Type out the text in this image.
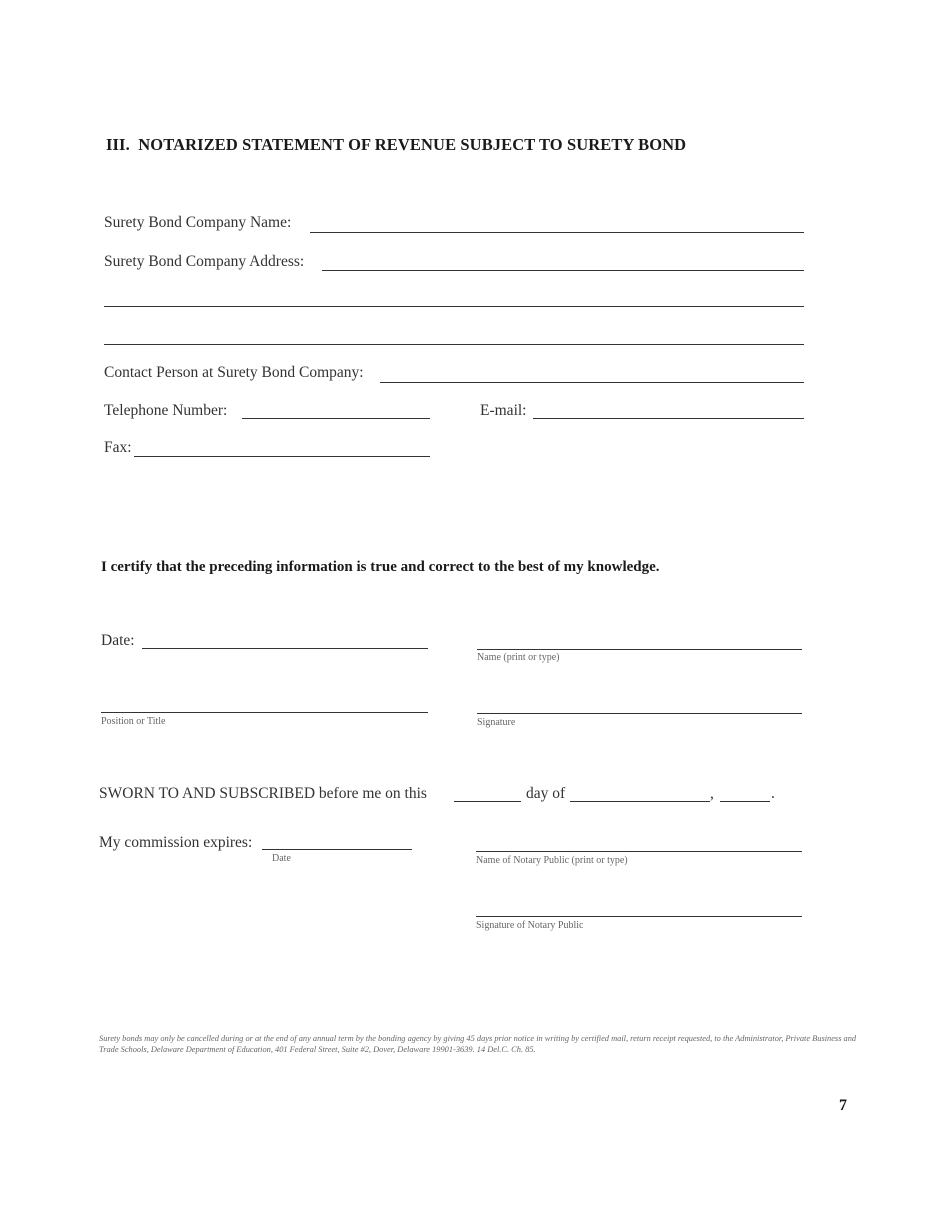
III. NOTARIZED STATEMENT OF REVENUE SUBJECT TO SURETY BOND
Surety Bond Company Name:
Surety Bond Company Address:
Contact Person at Surety Bond Company:
Telephone Number:	E-mail:
Fax:
I certify that the preceding information is true and correct to the best of my knowledge.
Date:
Name (print or type)
Position or Title	Signature
SWORN TO AND SUBSCRIBED before me on this	day of	,	.
My commission expires:
Date	Name of Notary Public (print or type)
Signature of Notary Public
Surety bonds may only be cancelled during or at the end of any annual term by the bonding agency by giving 45 days prior notice in writing by certified mail, return receipt requested, to the Administrator, Private Business and Trade Schools, Delaware Department of Education, 401 Federal Street, Suite #2, Dover, Delaware 19901-3639. 14 Del.C. Ch. 85.
7
